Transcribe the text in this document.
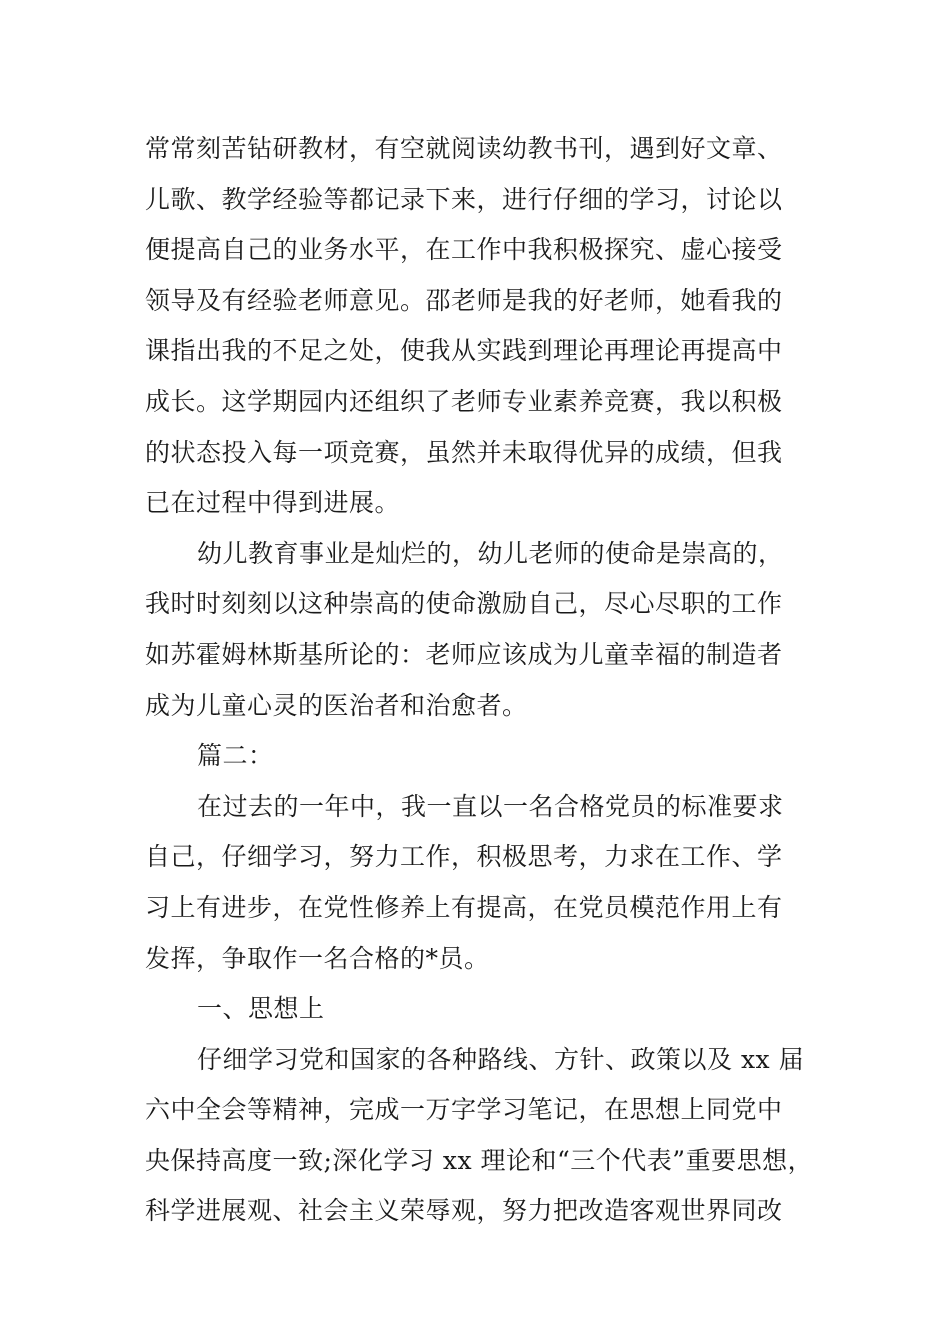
常常刻苦钻研教材，有空就阅读幼教书刊，遇到好文章、
儿歌、教学经验等都记录下来，进行仔细的学习，讨论以
便提高自己的业务水平，在工作中我积极探究、虚心接受
领导及有经验老师意见。邵老师是我的好老师，她看我的
课指出我的不足之处，使我从实践到理论再理论再提高中
成长。这学期园内还组织了老师专业素养竞赛，我以积极
的状态投入每一项竞赛，虽然并未取得优异的成绩，但我
已在过程中得到进展。
幼儿教育事业是灿烂的，幼儿老师的使命是崇高的，
我时时刻刻以这种崇高的使命激励自己，尽心尽职的工作
如苏霍姆林斯基所论的：老师应该成为儿童幸福的制造者
成为儿童心灵的医治者和治愈者。
篇二：
在过去的一年中，我一直以一名合格党员的标准要求
自己，仔细学习，努力工作，积极思考，力求在工作、学
习上有进步，在党性修养上有提高，在党员模范作用上有
发挥，争取作一名合格的*员。
一、思想上
仔细学习党和国家的各种路线、方针、政策以及 xx 届
六中全会等精神，完成一万字学习笔记，在思想上同党中
央保持高度一致;深化学习 xx 理论和“三个代表”重要思想，
科学进展观、社会主义荣辱观，努力把改造客观世界同改
